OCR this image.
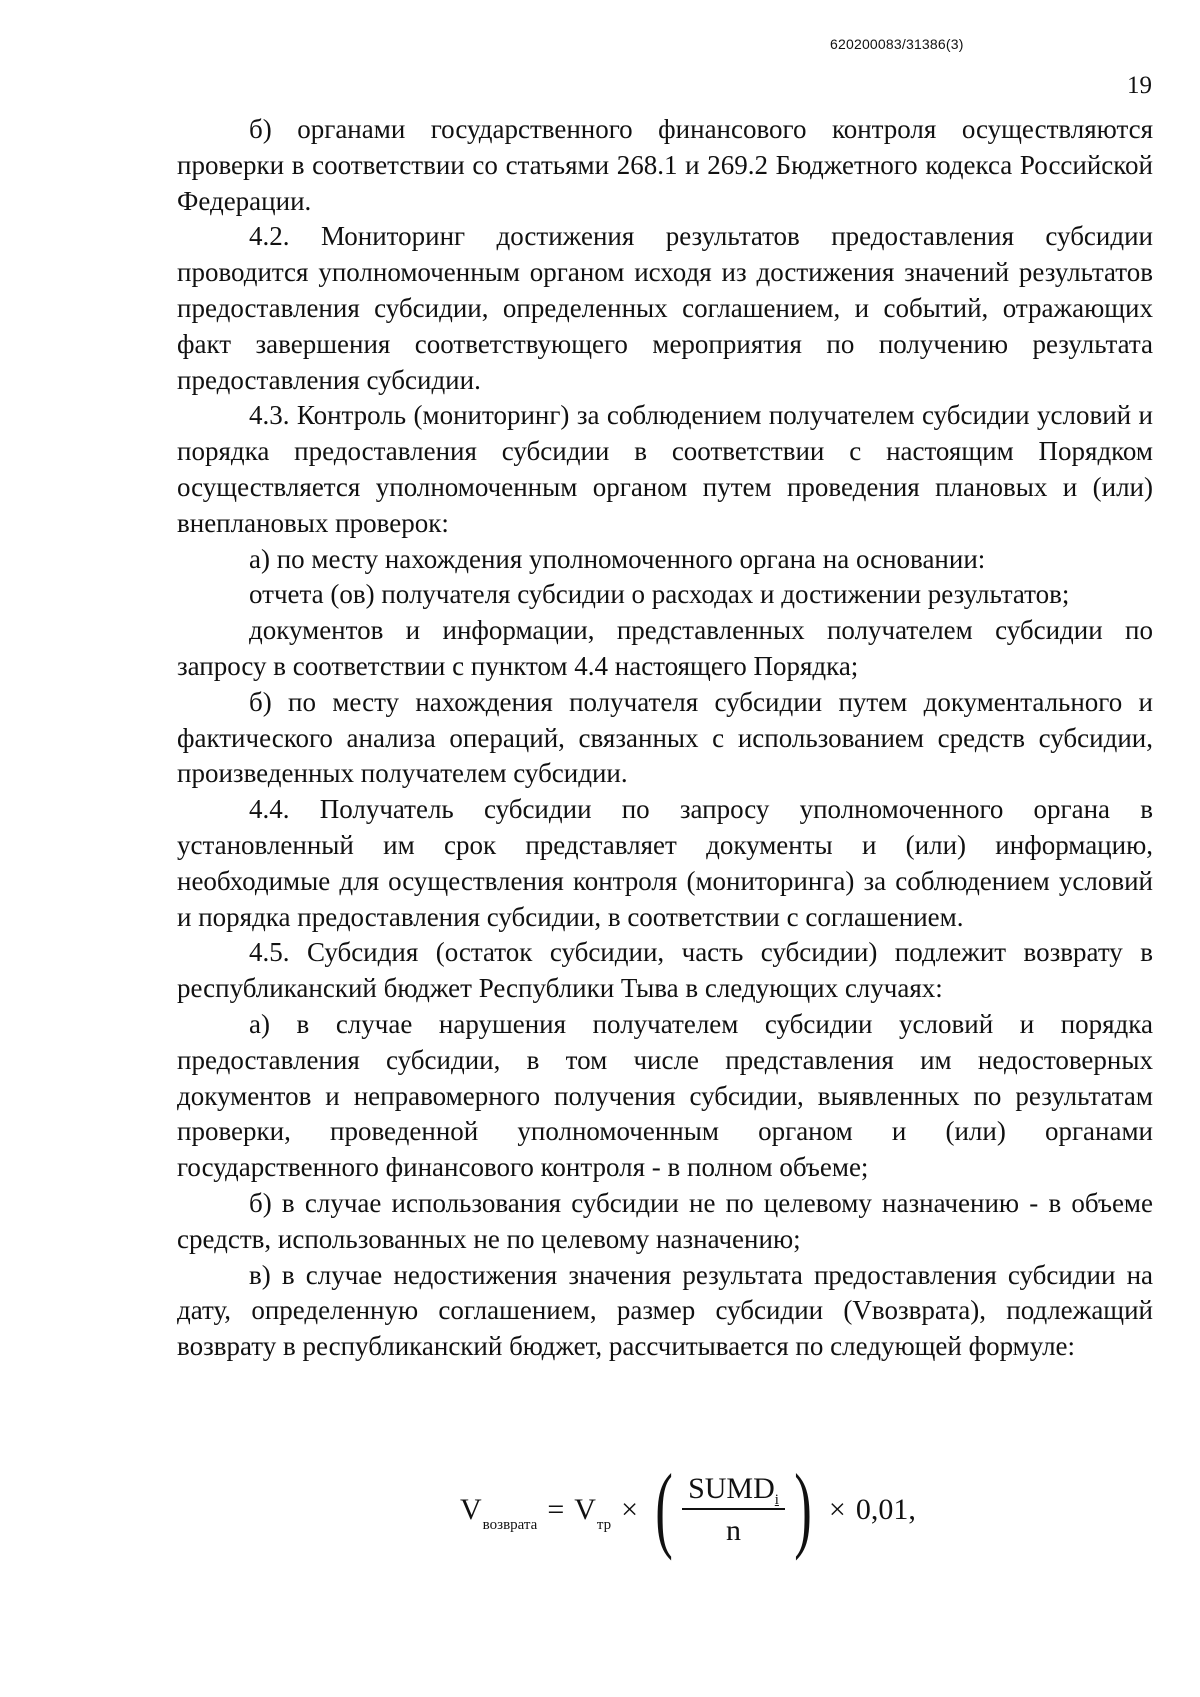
620200083/31386(3)
19

б) органами государственного финансового контроля осуществляются проверки в соответствии со статьями 268.1 и 269.2 Бюджетного кодекса Российской Федерации.

4.2. Мониторинг достижения результатов предоставления субсидии проводится уполномоченным органом исходя из достижения значений результатов предоставления субсидии, определенных соглашением, и событий, отражающих факт завершения соответствующего мероприятия по получению результата предоставления субсидии.

4.3. Контроль (мониторинг) за соблюдением получателем субсидии условий и порядка предоставления субсидии в соответствии с настоящим Порядком осуществляется уполномоченным органом путем проведения плановых и (или) внеплановых проверок:

а) по месту нахождения уполномоченного органа на основании:

отчета (ов) получателя субсидии о расходах и достижении результатов;

документов и информации, представленных получателем субсидии по запросу в соответствии с пунктом 4.4 настоящего Порядка;

б) по месту нахождения получателя субсидии путем документального и фактического анализа операций, связанных с использованием средств субсидии, произведенных получателем субсидии.

4.4. Получатель субсидии по запросу уполномоченного органа в установленный им срок представляет документы и (или) информацию, необходимые для осуществления контроля (мониторинга) за соблюдением условий и порядка предоставления субсидии, в соответствии с соглашением.

4.5. Субсидия (остаток субсидии, часть субсидии) подлежит возврату в республиканский бюджет Республики Тыва в следующих случаях:

а) в случае нарушения получателем субсидии условий и порядка предоставления субсидии, в том числе представления им недостоверных документов и неправомерного получения субсидии, выявленных по результатам проверки, проведенной уполномоченным органом и (или) органами государственного финансового контроля - в полном объеме;

б) в случае использования субсидии не по целевому назначению - в объеме средств, использованных не по целевому назначению;

в) в случае недостижения значения результата предоставления субсидии на дату, определенную соглашением, размер субсидии (Vвозврата), подлежащий возврату в республиканский бюджет, рассчитывается по следующей формуле:

$V_{возврата} = V_{тр}$ × ( $\frac{SUMD_i}{n}$ ) × 0,01,
